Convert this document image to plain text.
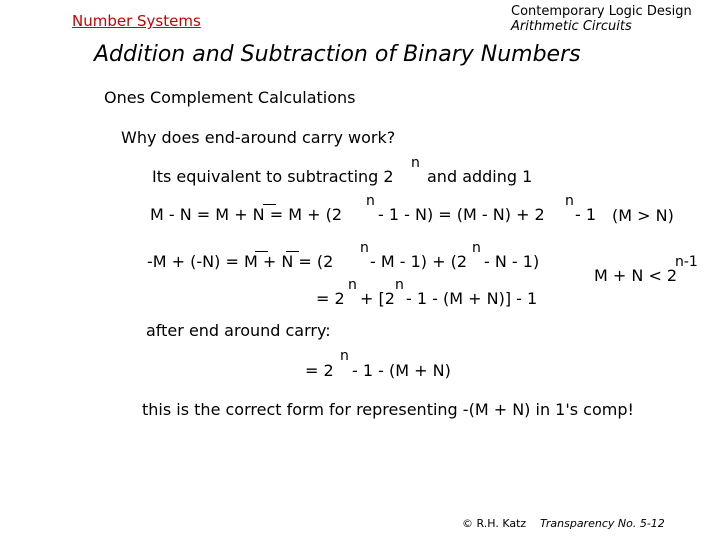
Number Systems
Contemporary Logic Design
Arithmetic Circuits
Addition and Subtraction of Binary Numbers
Ones Complement Calculations
Why does end-around carry work?
Its equivalent to subtracting 2
n
and adding 1
M - N = M + N = M + (2
n
- 1 - N) = (M - N) + 2
n
- 1 (M > N)
-M + (-N) = M + N = (2
n
- M - 1) + (2
n
- N - 1)
M + N < 2
n-1
= 2
n
+ [2
n
- 1 - (M + N)] - 1
after end around carry:
= 2
n
- 1 - (M + N)
this is the correct form for representing -(M + N) in 1's comp!
© R.H. Katz Transparency No. 5-12
